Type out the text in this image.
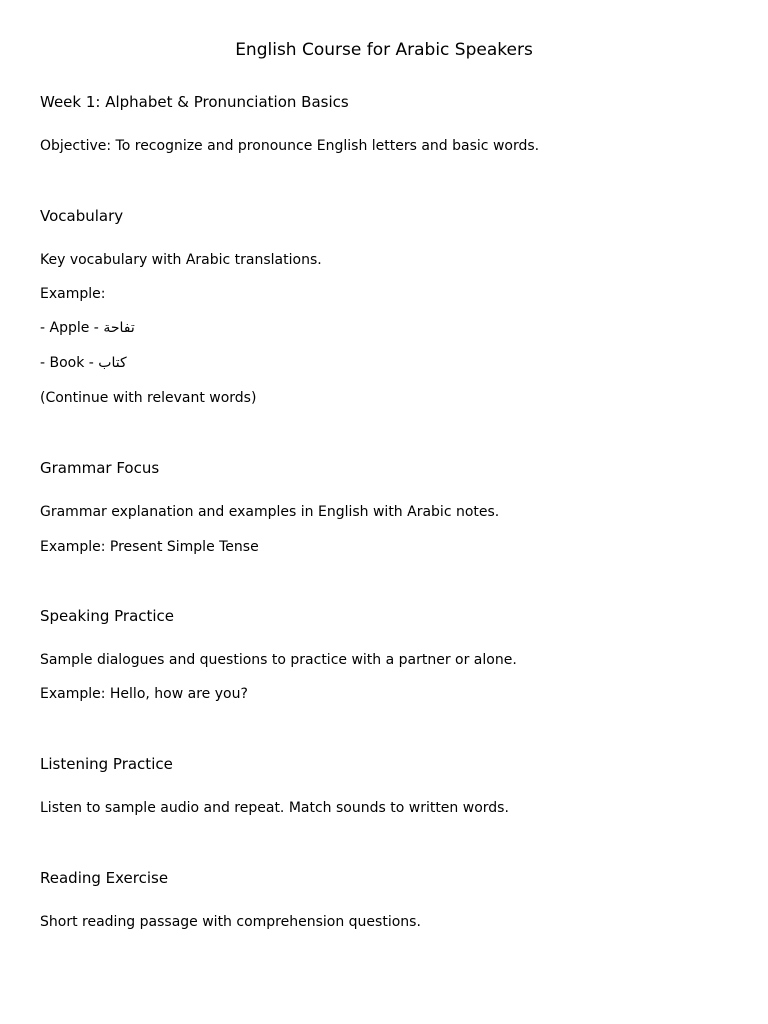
English Course for Arabic Speakers
Week 1: Alphabet & Pronunciation Basics
Objective: To recognize and pronounce English letters and basic words.
Vocabulary
Key vocabulary with Arabic translations.
Example:
- Apple - تفاحة
- Book - كتاب
(Continue with relevant words)
Grammar Focus
Grammar explanation and examples in English with Arabic notes.
Example: Present Simple Tense
Speaking Practice
Sample dialogues and questions to practice with a partner or alone.
Example: Hello, how are you?
Listening Practice
Listen to sample audio and repeat. Match sounds to written words.
Reading Exercise
Short reading passage with comprehension questions.
